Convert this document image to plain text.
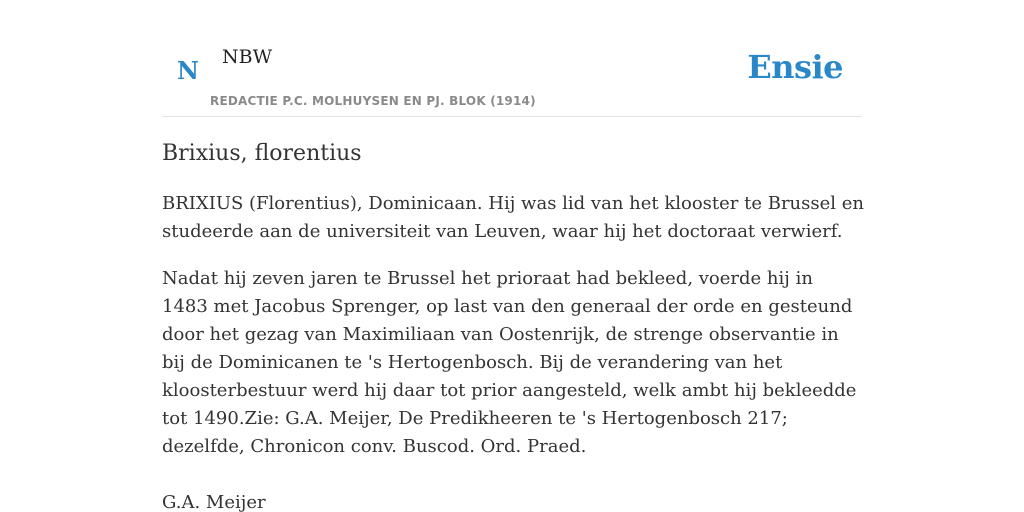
N NBW
REDACTIE P.C. MOLHUYSEN EN PJ. BLOK (1914)
Ensie
Brixius, florentius

BRIXIUS (Florentius), Dominicaan. Hij was lid van het klooster te Brussel en studeerde aan de universiteit van Leuven, waar hij het doctoraat verwierf.

Nadat hij zeven jaren te Brussel het prioraat had bekleed, voerde hij in 1483 met Jacobus Sprenger, op last van den generaal der orde en gesteund door het gezag van Maximiliaan van Oostenrijk, de strenge observantie in bij de Dominicanen te 's Hertogenbosch. Bij de verandering van het kloosterbestuur werd hij daar tot prior aangesteld, welk ambt hij bekleedde tot 1490.Zie: G.A. Meijer, De Predikheeren te 's Hertogenbosch 217; dezelfde, Chronicon conv. Buscod. Ord. Praed.

G.A. Meijer
